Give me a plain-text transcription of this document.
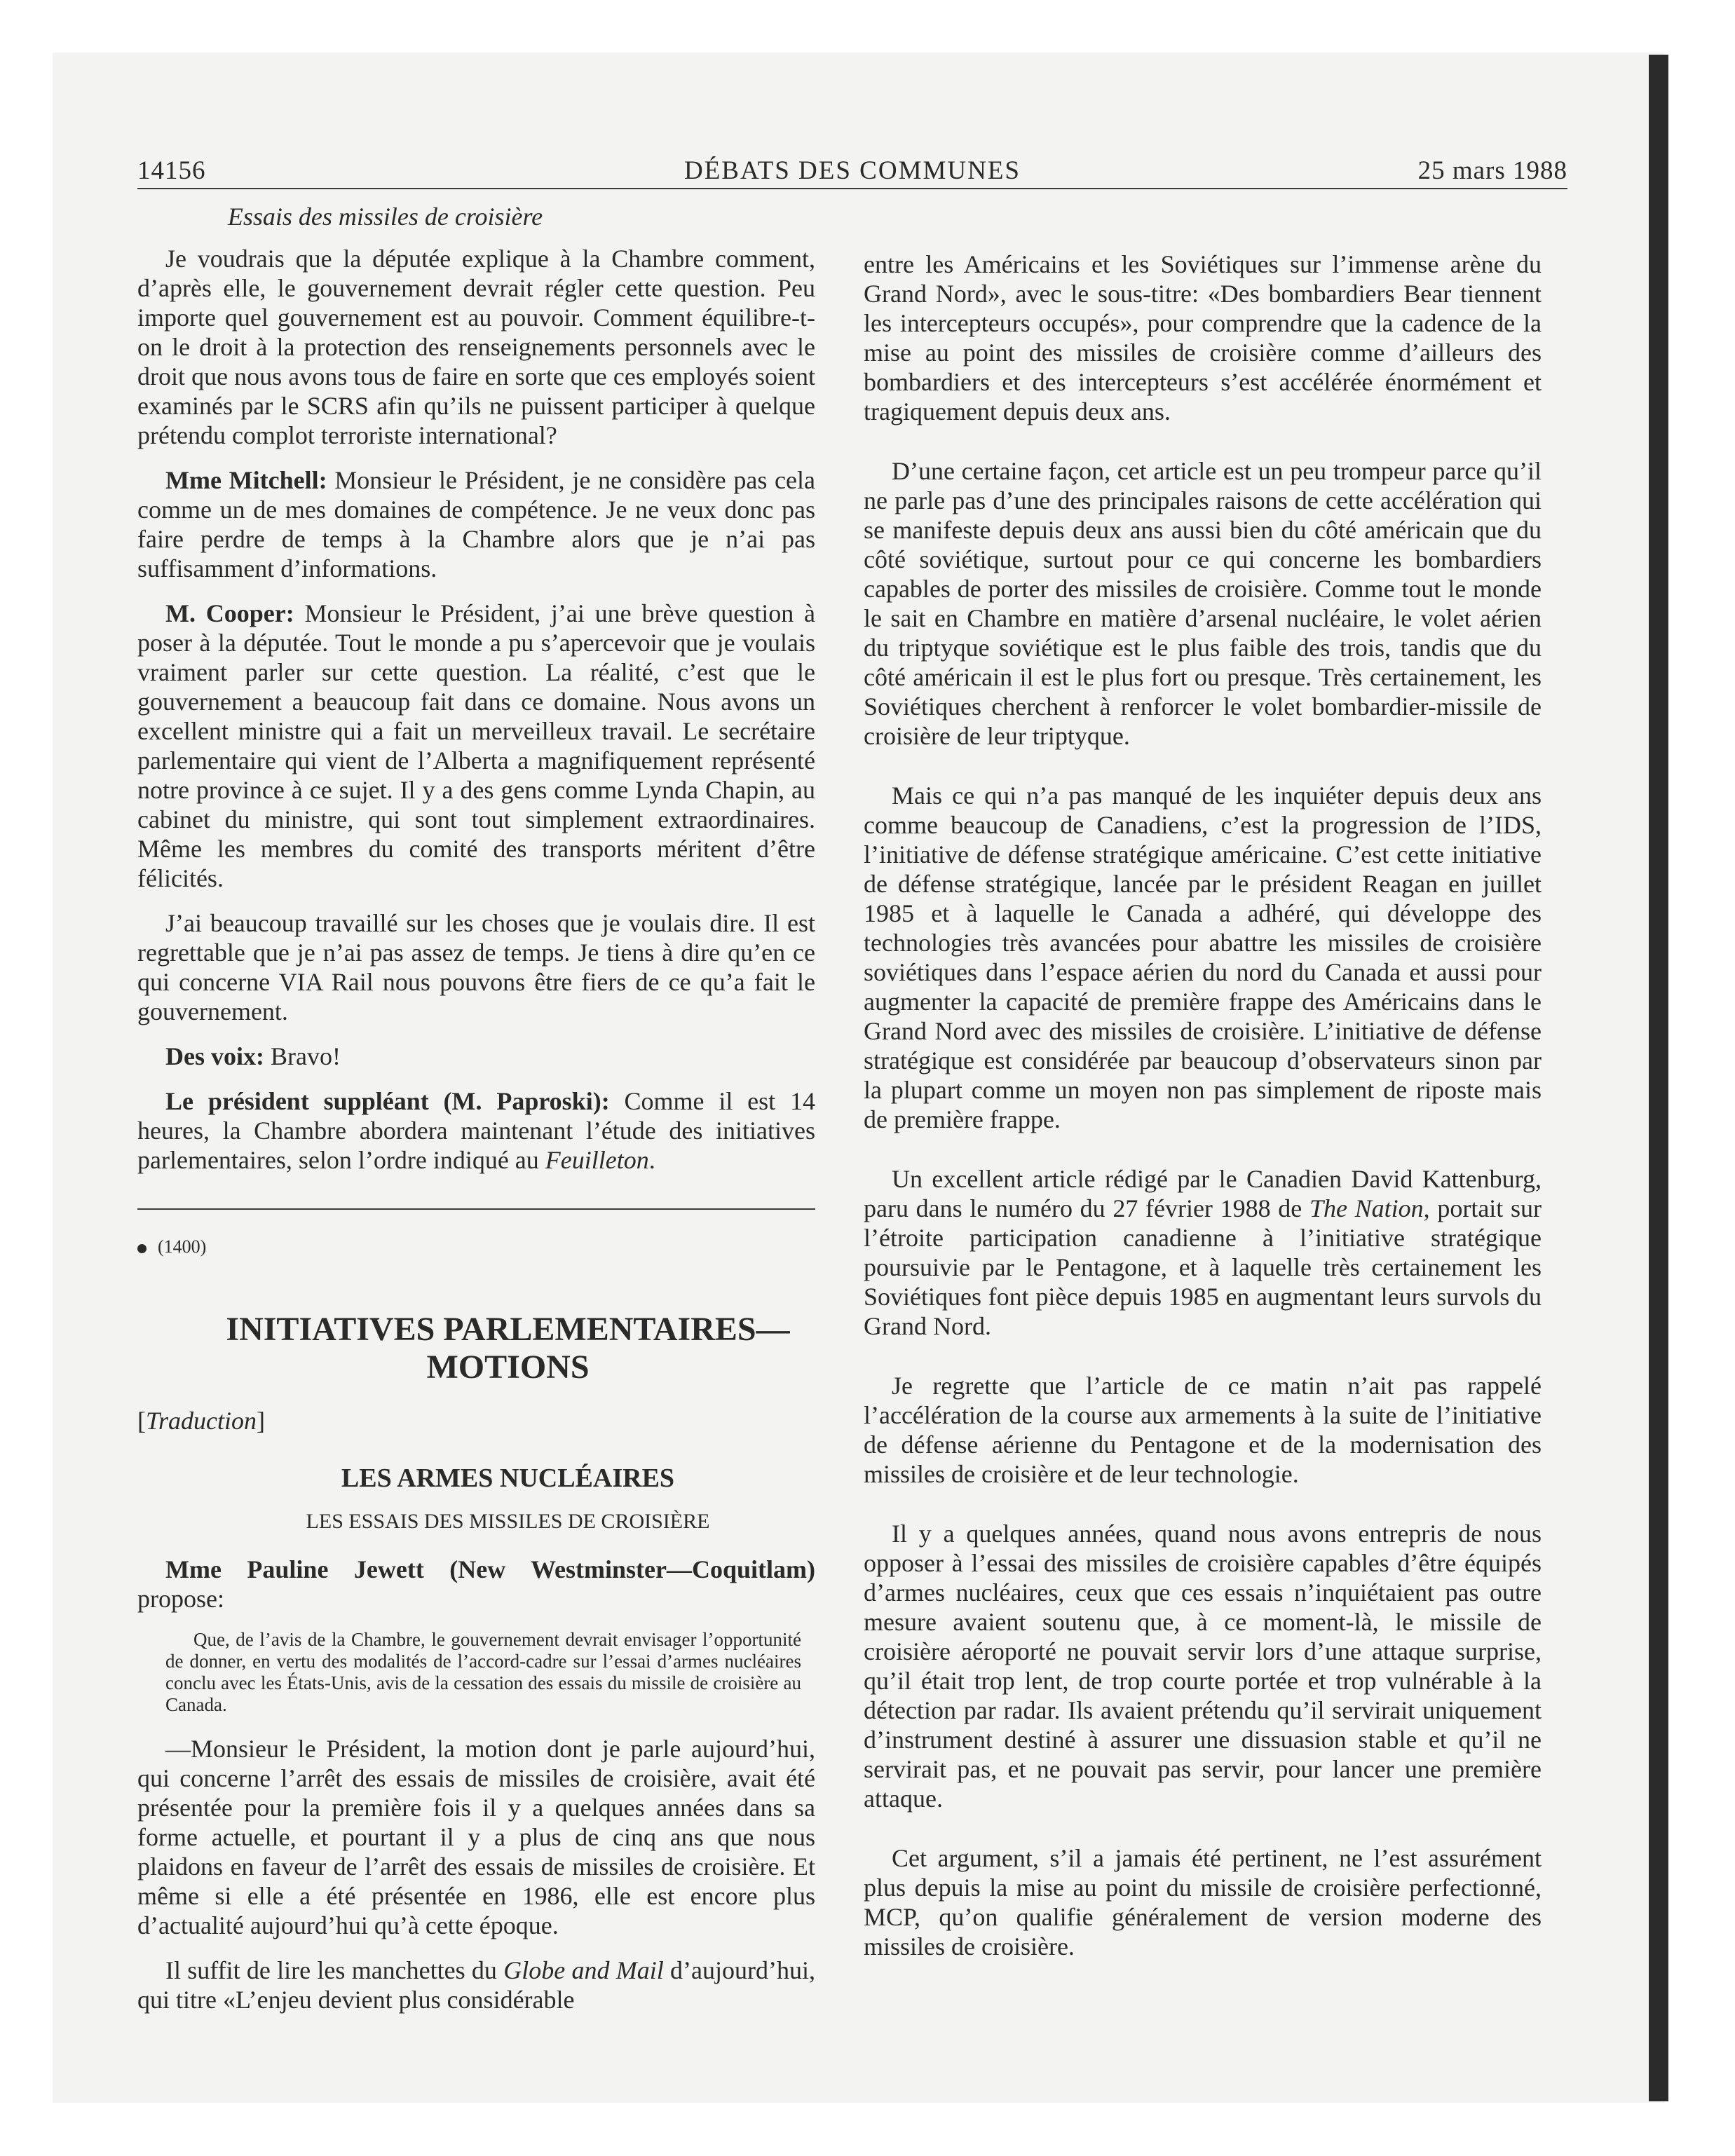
14156	DÉBATS DES COMMUNES	25 mars 1988
Essais des missiles de croisière

Je voudrais que la députée explique à la Chambre comment, d’après elle, le gouvernement devrait régler cette question. Peu importe quel gouvernement est au pouvoir. Comment équilibre-t-on le droit à la protection des renseignements personnels avec le droit que nous avons tous de faire en sorte que ces employés soient examinés par le SCRS afin qu’ils ne puissent participer à quelque prétendu complot terroriste international?

Mme Mitchell: Monsieur le Président, je ne considère pas cela comme un de mes domaines de compétence. Je ne veux donc pas faire perdre de temps à la Chambre alors que je n’ai pas suffisamment d’informations.

M. Cooper: Monsieur le Président, j’ai une brève question à poser à la députée. Tout le monde a pu s’apercevoir que je voulais vraiment parler sur cette question. La réalité, c’est que le gouvernement a beaucoup fait dans ce domaine. Nous avons un excellent ministre qui a fait un merveilleux travail. Le secrétaire parlementaire qui vient de l’Alberta a magnifiquement représenté notre province à ce sujet. Il y a des gens comme Lynda Chapin, au cabinet du ministre, qui sont tout simplement extraordinaires. Même les membres du comité des transports méritent d’être félicités.

J’ai beaucoup travaillé sur les choses que je voulais dire. Il est regrettable que je n’ai pas assez de temps. Je tiens à dire qu’en ce qui concerne VIA Rail nous pouvons être fiers de ce qu’a fait le gouvernement.

Des voix: Bravo!

Le président suppléant (M. Paproski): Comme il est 14 heures, la Chambre abordera maintenant l’étude des initiatives parlementaires, selon l’ordre indiqué au Feuilleton.

(1400)
INITIATIVES PARLEMENTAIRES—
MOTIONS
[Traduction]
LES ARMES NUCLÉAIRES
LES ESSAIS DES MISSILES DE CROISIÈRE

Mme Pauline Jewett (New Westminster—Coquitlam) propose:

Que, de l’avis de la Chambre, le gouvernement devrait envisager l’opportunité de donner, en vertu des modalités de l’accord-cadre sur l’essai d’armes nucléaires conclu avec les États-Unis, avis de la cessation des essais du missile de croisière au Canada.

—Monsieur le Président, la motion dont je parle aujourd’hui, qui concerne l’arrêt des essais de missiles de croisière, avait été présentée pour la première fois il y a quelques années dans sa forme actuelle, et pourtant il y a plus de cinq ans que nous plaidons en faveur de l’arrêt des essais de missiles de croisière. Et même si elle a été présentée en 1986, elle est encore plus d’actualité aujourd’hui qu’à cette époque.

Il suffit de lire les manchettes du Globe and Mail d’aujourd’hui, qui titre «L’enjeu devient plus considérable

entre les Américains et les Soviétiques sur l’immense arène du Grand Nord», avec le sous-titre: «Des bombardiers Bear tiennent les intercepteurs occupés», pour comprendre que la cadence de la mise au point des missiles de croisière comme d’ailleurs des bombardiers et des intercepteurs s’est accélérée énormément et tragiquement depuis deux ans.

D’une certaine façon, cet article est un peu trompeur parce qu’il ne parle pas d’une des principales raisons de cette accélération qui se manifeste depuis deux ans aussi bien du côté américain que du côté soviétique, surtout pour ce qui concerne les bombardiers capables de porter des missiles de croisière. Comme tout le monde le sait en Chambre en matière d’arsenal nucléaire, le volet aérien du triptyque soviétique est le plus faible des trois, tandis que du côté américain il est le plus fort ou presque. Très certainement, les Soviétiques cherchent à renforcer le volet bombardier-missile de croisière de leur triptyque.

Mais ce qui n’a pas manqué de les inquiéter depuis deux ans comme beaucoup de Canadiens, c’est la progression de l’IDS, l’initiative de défense stratégique américaine. C’est cette initiative de défense stratégique, lancée par le président Reagan en juillet 1985 et à laquelle le Canada a adhéré, qui développe des technologies très avancées pour abattre les missiles de croisière soviétiques dans l’espace aérien du nord du Canada et aussi pour augmenter la capacité de première frappe des Américains dans le Grand Nord avec des missiles de croisière. L’initiative de défense stratégique est considérée par beaucoup d’observateurs sinon par la plupart comme un moyen non pas simplement de riposte mais de première frappe.

Un excellent article rédigé par le Canadien David Kattenburg, paru dans le numéro du 27 février 1988 de The Nation, portait sur l’étroite participation canadienne à l’initiative stratégique poursuivie par le Pentagone, et à laquelle très certainement les Soviétiques font pièce depuis 1985 en augmentant leurs survols du Grand Nord.

Je regrette que l’article de ce matin n’ait pas rappelé l’accélération de la course aux armements à la suite de l’initiative de défense aérienne du Pentagone et de la modernisation des missiles de croisière et de leur technologie.

Il y a quelques années, quand nous avons entrepris de nous opposer à l’essai des missiles de croisière capables d’être équipés d’armes nucléaires, ceux que ces essais n’inquiétaient pas outre mesure avaient soutenu que, à ce moment-là, le missile de croisière aéroporté ne pouvait servir lors d’une attaque surprise, qu’il était trop lent, de trop courte portée et trop vulnérable à la détection par radar. Ils avaient prétendu qu’il servirait uniquement d’instrument destiné à assurer une dissuasion stable et qu’il ne servirait pas, et ne pouvait pas servir, pour lancer une première attaque.

Cet argument, s’il a jamais été pertinent, ne l’est assurément plus depuis la mise au point du missile de croisière perfectionné, MCP, qu’on qualifie généralement de version moderne des missiles de croisière.
